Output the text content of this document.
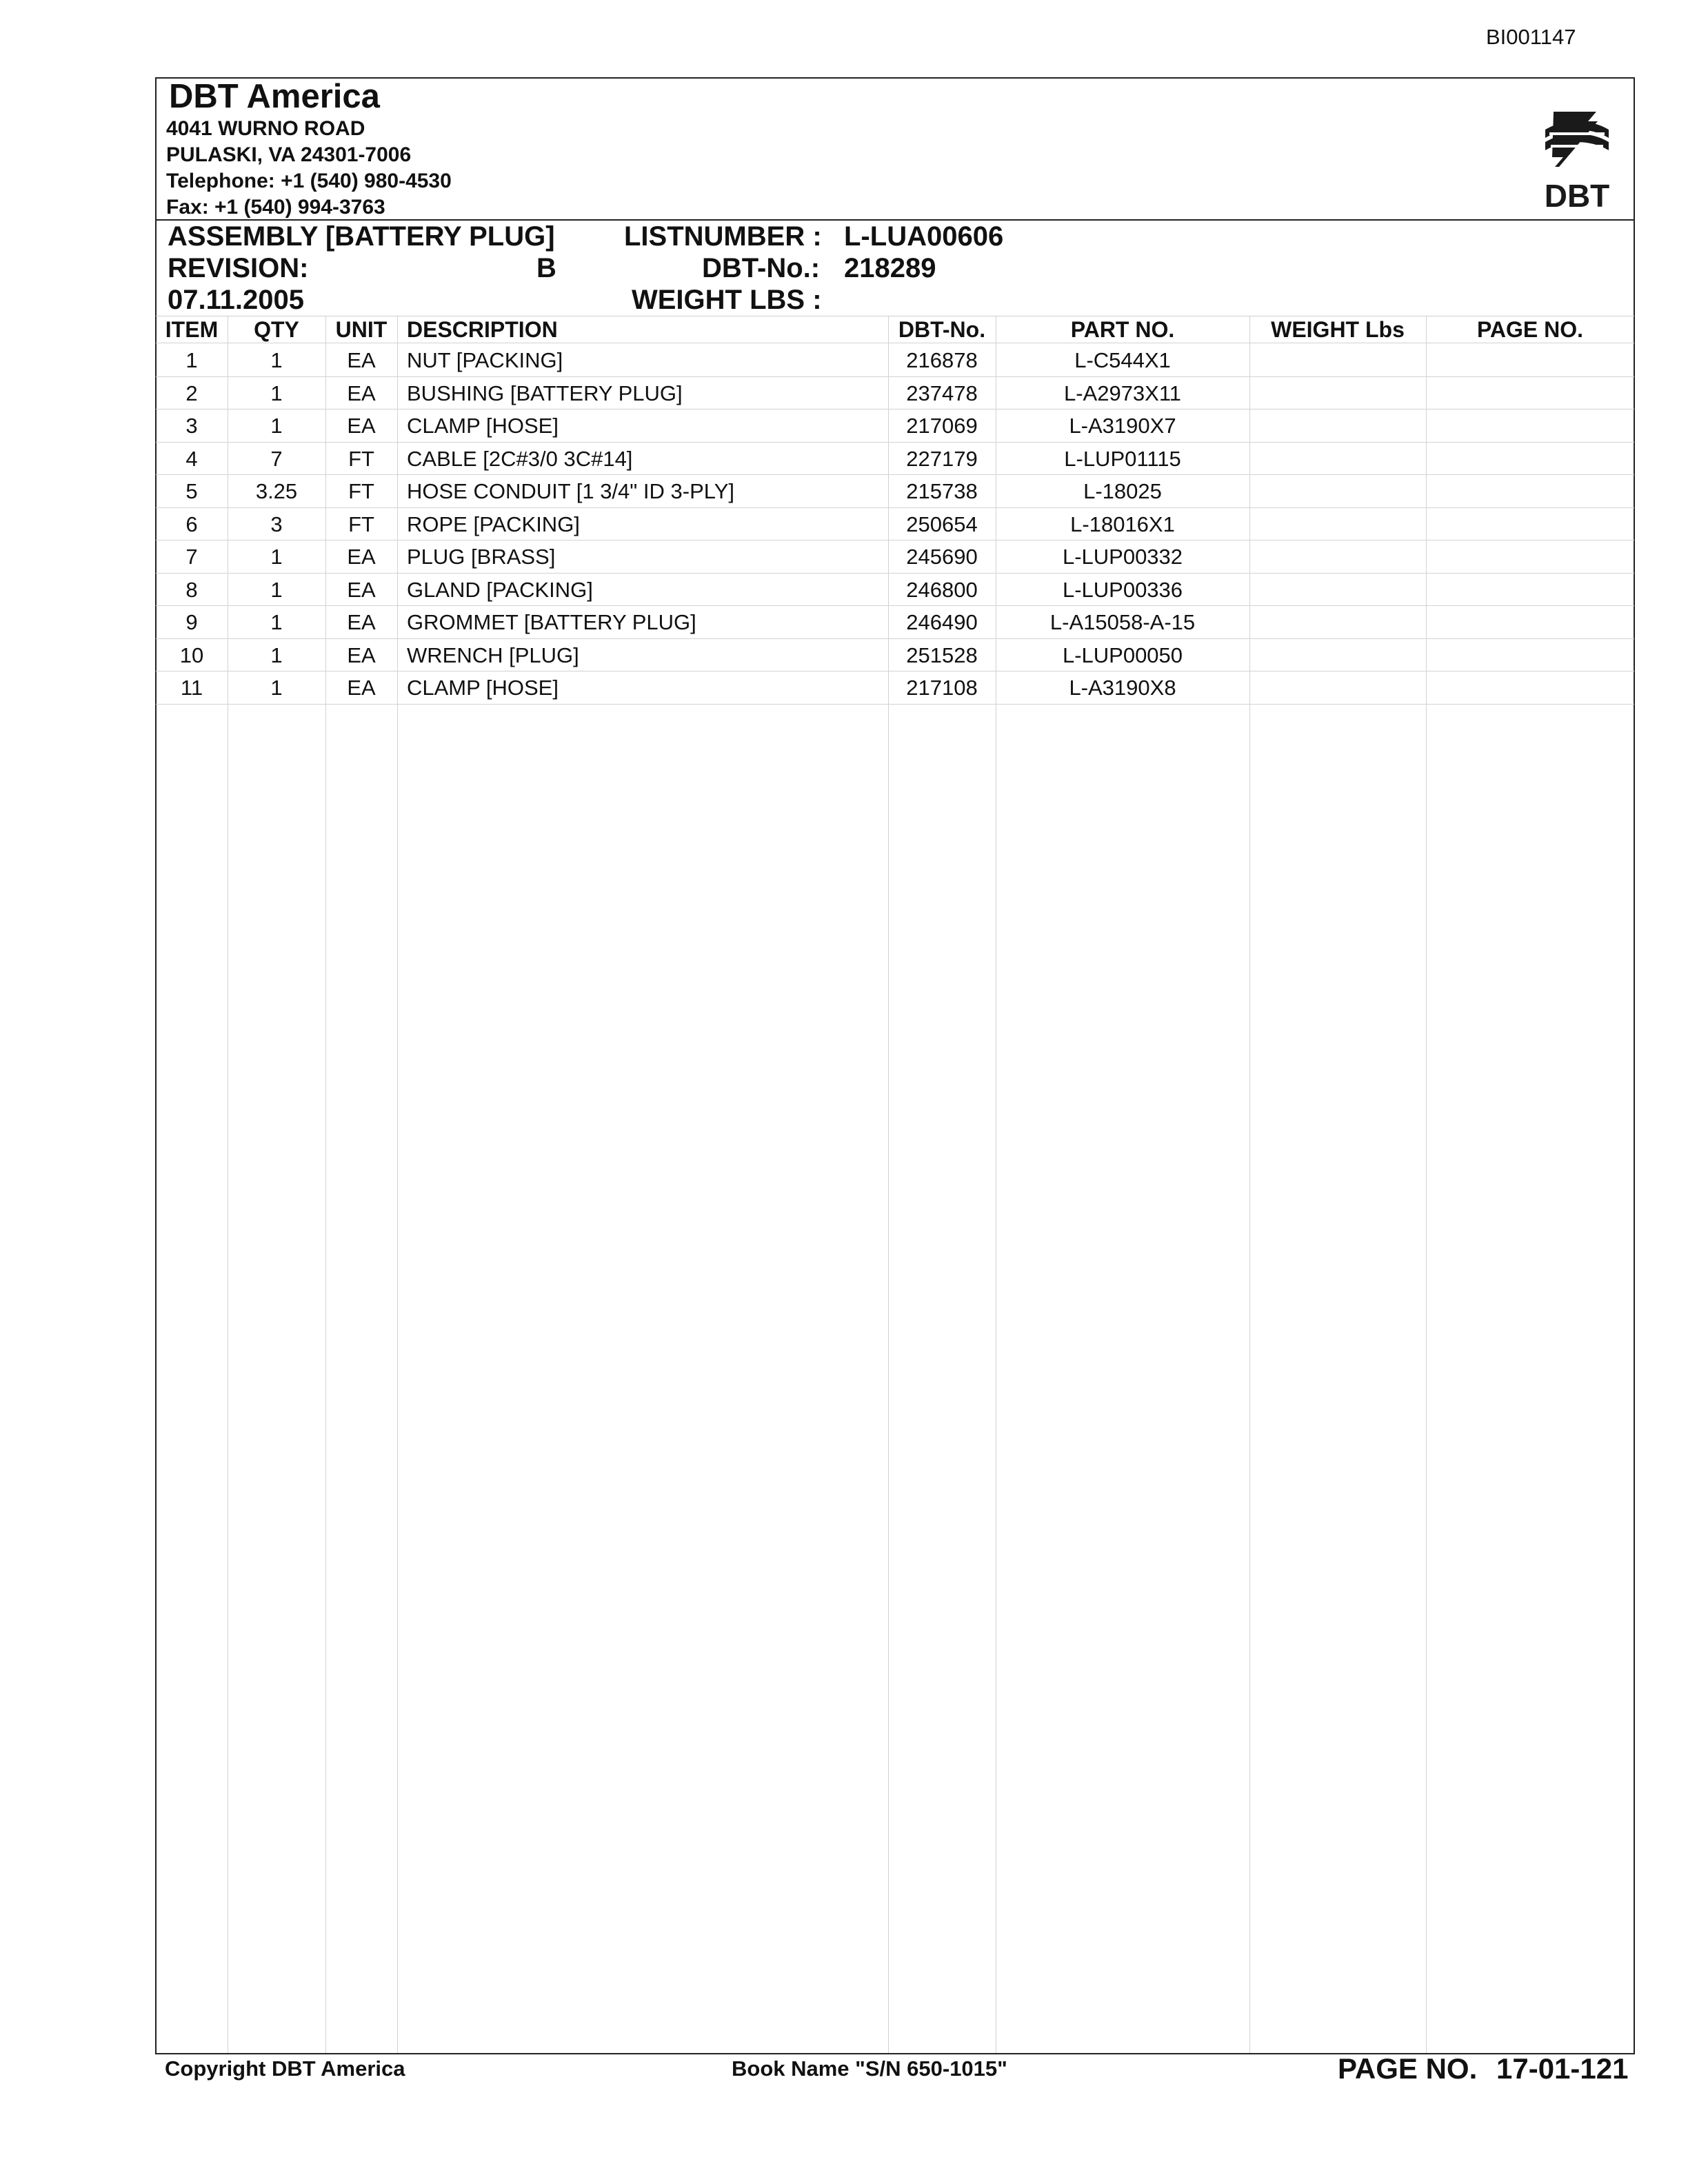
BI001147
DBT America
4041 WURNO ROAD
PULASKI, VA 24301-7006
Telephone: +1 (540) 980-4530
Fax: +1 (540) 994-3763	DBT
ASSEMBLY [BATTERY PLUG]	LISTNUMBER : L-LUA00606
REVISION:	B	DBT-No.: 218289
07.11.2005	WEIGHT LBS :
ITEM	QTY	UNIT DESCRIPTION	DBT-No.	PART NO.	WEIGHT Lbs	PAGE NO.
1	1	EA	NUT [PACKING]	216878	L-C544X1
2	1	EA	BUSHING [BATTERY PLUG]	237478	L-A2973X11
3	1	EA	CLAMP [HOSE]	217069	L-A3190X7
4	7	FT	CABLE [2C#3/0 3C#14]	227179	L-LUP01115
5	3.25	FT	HOSE CONDUIT [1 3/4" ID 3-PLY]	215738	L-18025
6	3	FT	ROPE [PACKING]	250654	L-18016X1
7	1	EA	PLUG [BRASS]	245690	L-LUP00332
8	1	EA	GLAND [PACKING]	246800	L-LUP00336
9	1	EA	GROMMET [BATTERY PLUG]	246490	L-A15058-A-15
10	1	EA	WRENCH [PLUG]	251528	L-LUP00050
11	1	EA	CLAMP [HOSE]	217108	L-A3190X8
Copyright DBT America	Book Name "S/N 650-1015"	PAGE NO. 17-01-121
